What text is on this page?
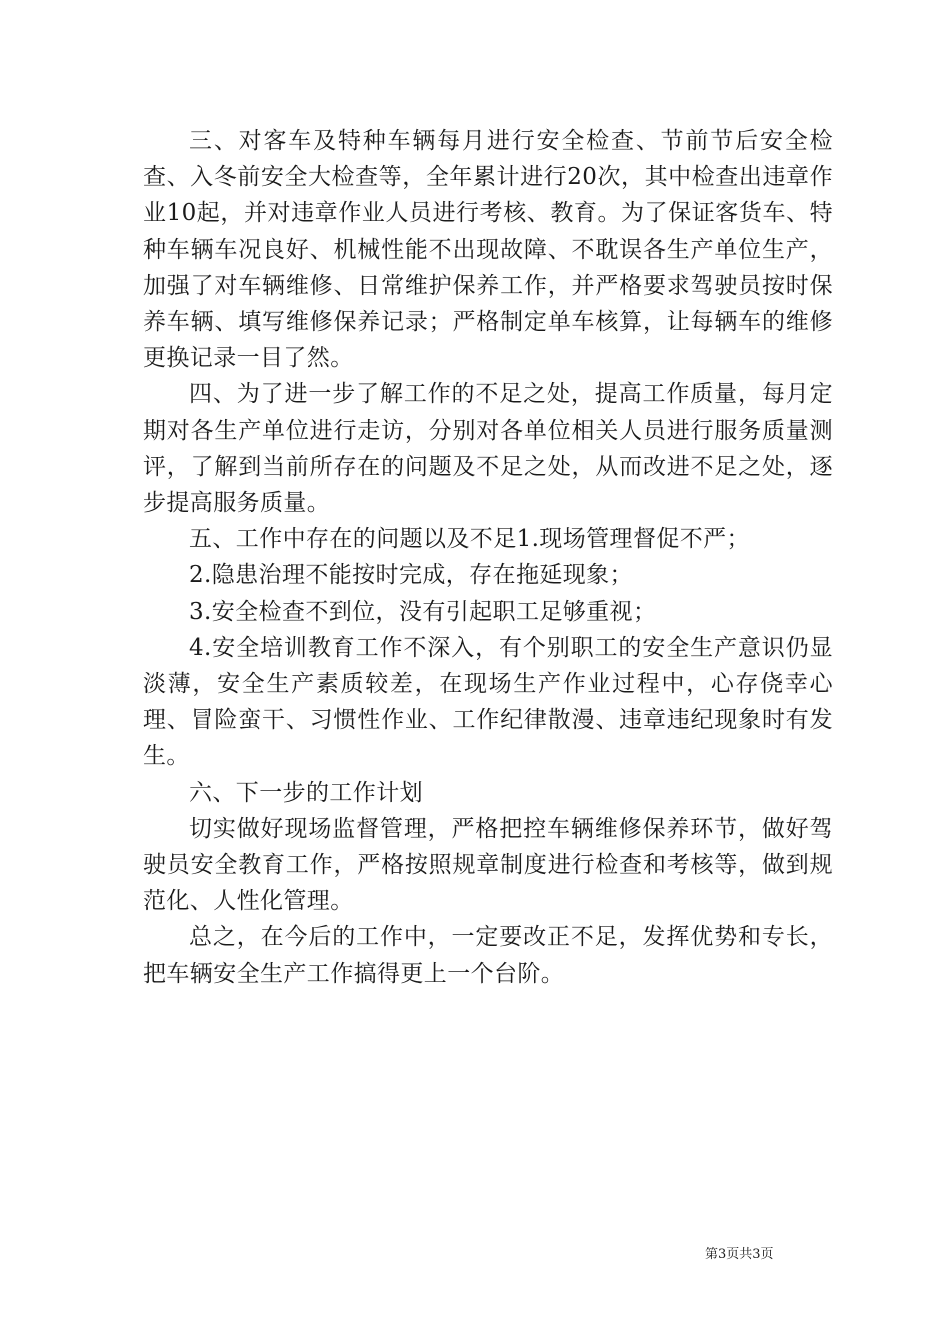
三、对客车及特种车辆每月进行安全检查、节前节后安全检查、入冬前安全大检查等，全年累计进行20次，其中检查出违章作业10起，并对违章作业人员进行考核、教育。为了保证客货车、特种车辆车况良好、机械性能不出现故障、不耽误各生产单位生产，加强了对车辆维修、日常维护保养工作，并严格要求驾驶员按时保养车辆、填写维修保养记录；严格制定单车核算，让每辆车的维修更换记录一目了然。

四、为了进一步了解工作的不足之处，提高工作质量，每月定期对各生产单位进行走访，分别对各单位相关人员进行服务质量测评，了解到当前所存在的问题及不足之处，从而改进不足之处，逐步提高服务质量。

五、工作中存在的问题以及不足1.现场管理督促不严；

2.隐患治理不能按时完成，存在拖延现象；

3.安全检查不到位，没有引起职工足够重视；

4.安全培训教育工作不深入，有个别职工的安全生产意识仍显淡薄，安全生产素质较差，在现场生产作业过程中，心存侥幸心理、冒险蛮干、习惯性作业、工作纪律散漫、违章违纪现象时有发生。

六、下一步的工作计划

切实做好现场监督管理，严格把控车辆维修保养环节，做好驾驶员安全教育工作，严格按照规章制度进行检查和考核等，做到规范化、人性化管理。

总之，在今后的工作中，一定要改正不足，发挥优势和专长，把车辆安全生产工作搞得更上一个台阶。

第3页共3页
